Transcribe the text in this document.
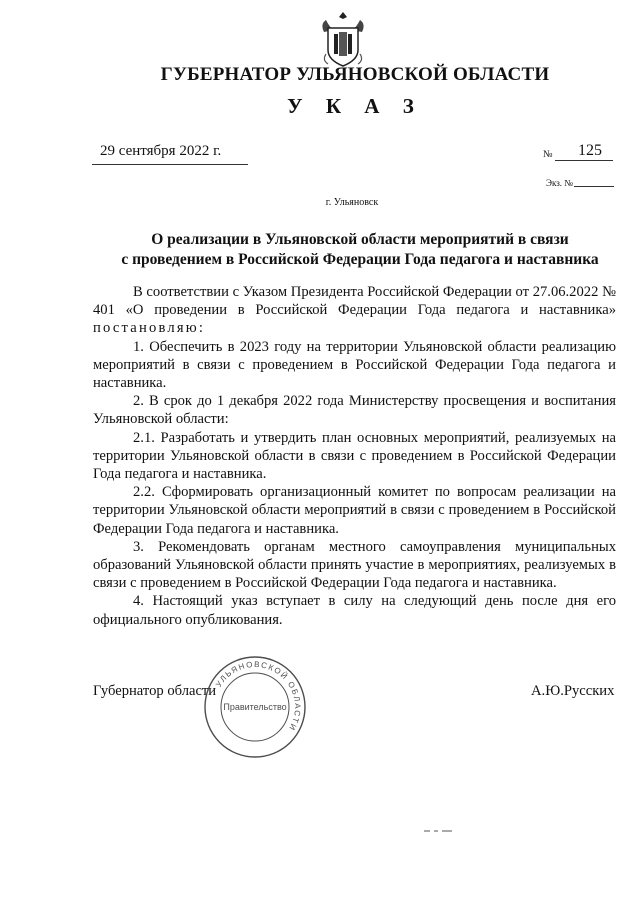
ГУБЕРНАТОР УЛЬЯНОВСКОЙ ОБЛАСТИ
У К А З
29 сентября 2022 г.	№ 125
Экз. №
г. Ульяновск
О реализации в Ульяновской области мероприятий в связи
с проведением в Российской Федерации Года педагога и наставника

В соответствии с Указом Президента Российской Федерации от 27.06.2022 № 401 «О проведении в Российской Федерации Года педагога и наставника» постановляю:

1. Обеспечить в 2023 году на территории Ульяновской области реализацию мероприятий в связи с проведением в Российской Федерации Года педагога и наставника.

2. В срок до 1 декабря 2022 года Министерству просвещения и воспитания Ульяновской области:

2.1. Разработать и утвердить план основных мероприятий, реализуемых на территории Ульяновской области в связи с проведением в Российской Федерации Года педагога и наставника.

2.2. Сформировать организационный комитет по вопросам реализации на территории Ульяновской области мероприятий в связи с проведением в Российской Федерации Года педагога и наставника.

3. Рекомендовать органам местного самоуправления муниципальных образований Ульяновской области принять участие в мероприятиях, реализуемых в связи с проведением в Российской Федерации Года педагога и наставника.

4. Настоящий указ вступает в силу на следующий день после дня его официального опубликования.

Губернатор области	А.Ю.Русских
УЛЬЯНОВСКОЙ ОБЛАСТИ
Правительство
